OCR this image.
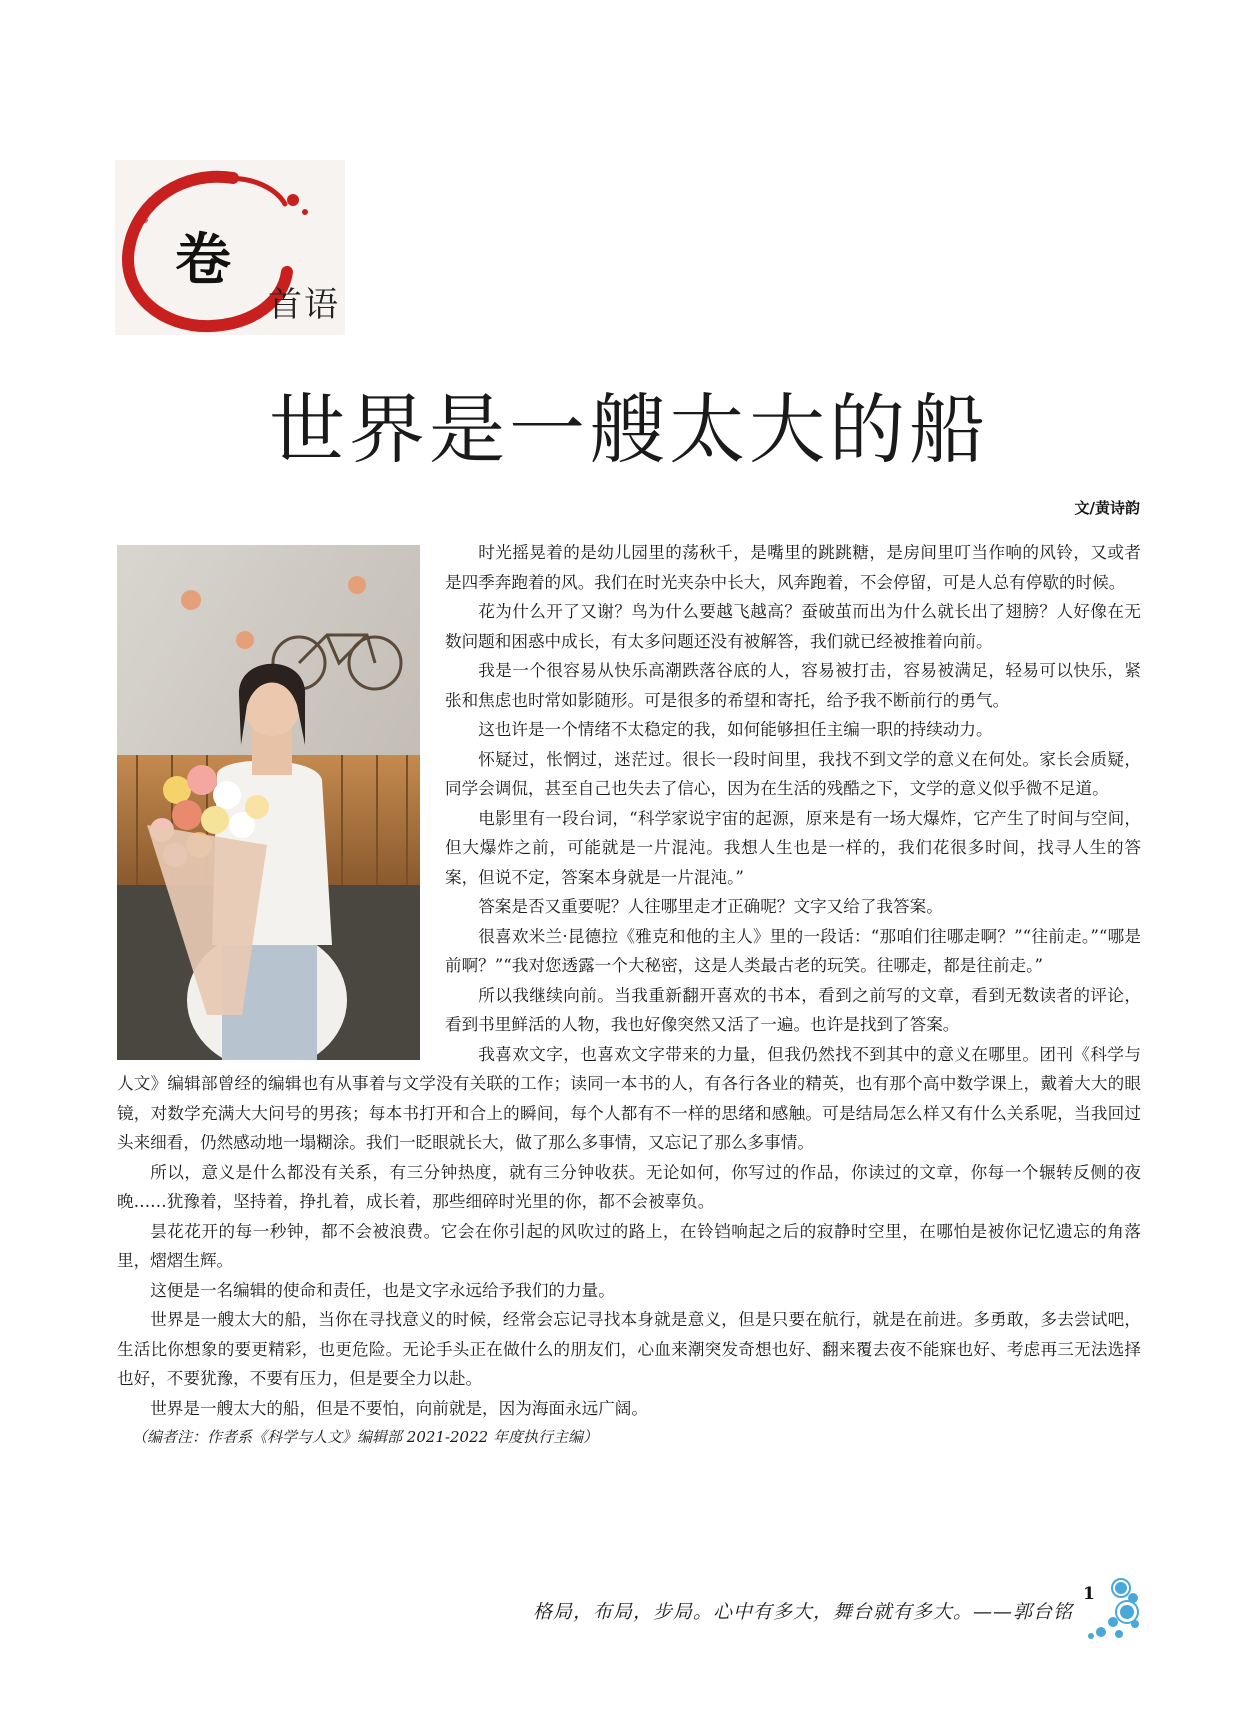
卷
首语
世界是一艘太大的船
文/黄诗韵

时光摇晃着的是幼儿园里的荡秋千，是嘴里的跳跳糖，是房间里叮当作响的风铃，又或者是四季奔跑着的风。我们在时光夹杂中长大，风奔跑着，不会停留，可是人总有停歇的时候。

花为什么开了又谢？鸟为什么要越飞越高？蚕破茧而出为什么就长出了翅膀？人好像在无数问题和困惑中成长，有太多问题还没有被解答，我们就已经被推着向前。

我是一个很容易从快乐高潮跌落谷底的人，容易被打击，容易被满足，轻易可以快乐，紧张和焦虑也时常如影随形。可是很多的希望和寄托，给予我不断前行的勇气。

这也许是一个情绪不太稳定的我，如何能够担任主编一职的持续动力。

怀疑过，怅惘过，迷茫过。很长一段时间里，我找不到文学的意义在何处。家长会质疑，同学会调侃，甚至自己也失去了信心，因为在生活的残酷之下，文学的意义似乎微不足道。

电影里有一段台词，“科学家说宇宙的起源，原来是有一场大爆炸，它产生了时间与空间，但大爆炸之前，可能就是一片混沌。我想人生也是一样的，我们花很多时间，找寻人生的答案，但说不定，答案本身就是一片混沌。”

答案是否又重要呢？人往哪里走才正确呢？文字又给了我答案。

很喜欢米兰·昆德拉《雅克和他的主人》里的一段话：“那咱们往哪走啊？”“往前走。”“哪是前啊？”“我对您透露一个大秘密，这是人类最古老的玩笑。往哪走，都是往前走。”

所以我继续向前。当我重新翻开喜欢的书本，看到之前写的文章，看到无数读者的评论，看到书里鲜活的人物，我也好像突然又活了一遍。也许是找到了答案。

我喜欢文字，也喜欢文字带来的力量，但我仍然找不到其中的意义在哪里。团刊《科学与人文》编辑部曾经的编辑也有从事着与文学没有关联的工作；读同一本书的人，有各行各业的精英，也有那个高中数学课上，戴着大大的眼镜，对数学充满大大问号的男孩；每本书打开和合上的瞬间，每个人都有不一样的思绪和感触。可是结局怎么样又有什么关系呢，当我回过头来细看，仍然感动地一塌糊涂。我们一眨眼就长大，做了那么多事情，又忘记了那么多事情。

所以，意义是什么都没有关系，有三分钟热度，就有三分钟收获。无论如何，你写过的作品，你读过的文章，你每一个辗转反侧的夜晚……犹豫着，坚持着，挣扎着，成长着，那些细碎时光里的你，都不会被辜负。

昙花花开的每一秒钟，都不会被浪费。它会在你引起的风吹过的路上，在铃铛响起之后的寂静时空里，在哪怕是被你记忆遗忘的角落里，熠熠生辉。

这便是一名编辑的使命和责任，也是文字永远给予我们的力量。

世界是一艘太大的船，当你在寻找意义的时候，经常会忘记寻找本身就是意义，但是只要在航行，就是在前进。多勇敢，多去尝试吧，生活比你想象的要更精彩，也更危险。无论手头正在做什么的朋友们，心血来潮突发奇想也好、翻来覆去夜不能寐也好、考虑再三无法选择也好，不要犹豫，不要有压力，但是要全力以赴。

世界是一艘太大的船，但是不要怕，向前就是，因为海面永远广阔。

（编者注：作者系《科学与人文》编辑部 2021-2022 年度执行主编）

格局，布局，步局。心中有多大，舞台就有多大。——郭台铭
1
